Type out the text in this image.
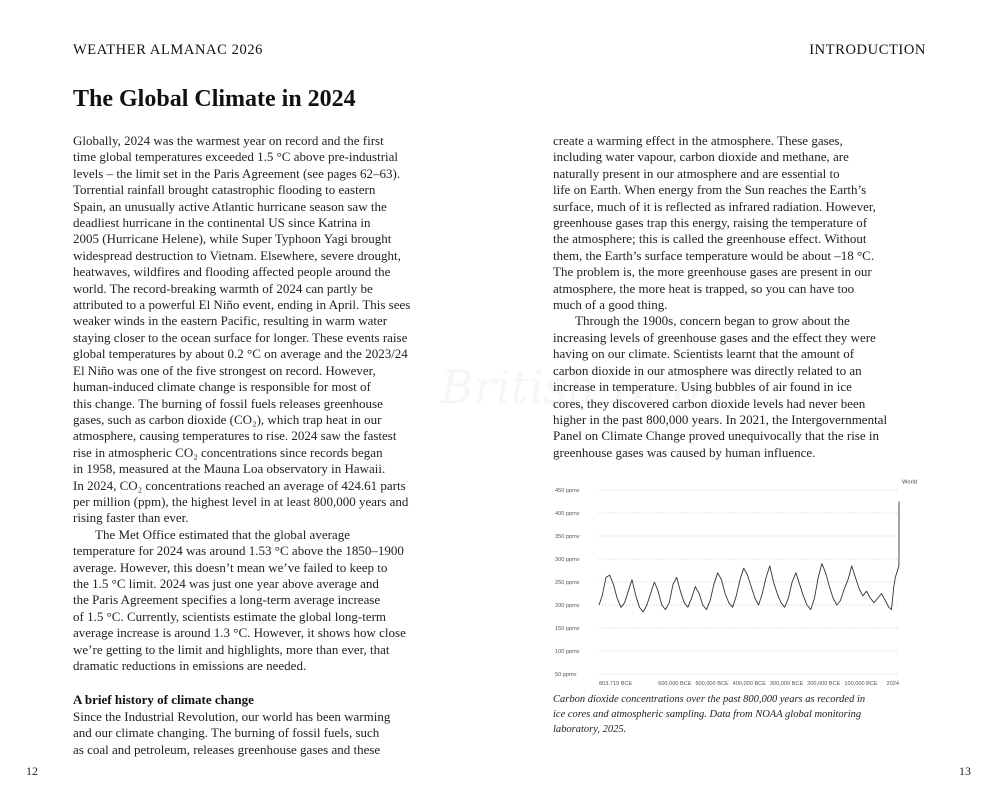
WEATHER ALMANAC 2026	INTRODUCTION
The Global Climate in 2024

Globally, 2024 was the warmest year on record and the first
time global temperatures exceeded 1.5 °C above pre-industrial
levels – the limit set in the Paris Agreement (see pages 62–63).
Torrential rainfall brought catastrophic flooding to eastern
Spain, an unusually active Atlantic hurricane season saw the
deadliest hurricane in the continental US since Katrina in
2005 (Hurricane Helene), while Super Typhoon Yagi brought
widespread destruction to Vietnam. Elsewhere, severe drought,
heatwaves, wildfires and flooding affected people around the
world. The record-breaking warmth of 2024 can partly be
attributed to a powerful El Niño event, ending in April. This sees
weaker winds in the eastern Pacific, resulting in warm water
staying closer to the ocean surface for longer. These events raise
global temperatures by about 0.2 °C on average and the 2023/24
El Niño was one of the five strongest on record. However,
human-induced climate change is responsible for most of
this change. The burning of fossil fuels releases greenhouse
gases, such as carbon dioxide (CO₂), which trap heat in our
atmosphere, causing temperatures to rise. 2024 saw the fastest
rise in atmospheric CO₂ concentrations since records began
in 1958, measured at the Mauna Loa observatory in Hawaii.
In 2024, CO₂ concentrations reached an average of 424.61 parts
per million (ppm), the highest level in at least 800,000 years and
rising faster than ever.

The Met Office estimated that the global average
temperature for 2024 was around 1.53 °C above the 1850–1900
average. However, this doesn’t mean we’ve failed to keep to
the 1.5 °C limit. 2024 was just one year above average and
the Paris Agreement specifies a long-term average increase
of 1.5 °C. Currently, scientists estimate the global long-term
average increase is around 1.3 °C. However, it shows how close
we’re getting to the limit and highlights, more than ever, that
dramatic reductions in emissions are needed.

A brief history of climate change

Since the Industrial Revolution, our world has been warming
and our climate changing. The burning of fossil fuels, such
as coal and petroleum, releases greenhouse gases and these

create a warming effect in the atmosphere. These gases,
including water vapour, carbon dioxide and methane, are
naturally present in our atmosphere and are essential to
life on Earth. When energy from the Sun reaches the Earth’s
surface, much of it is reflected as infrared radiation. However,
greenhouse gases trap this energy, raising the temperature of
the atmosphere; this is called the greenhouse effect. Without
them, the Earth’s surface temperature would be about –18 °C.
The problem is, the more greenhouse gases are present in our
atmosphere, the more heat is trapped, so you can have too
much of a good thing.

Through the 1900s, concern began to grow about the
increasing levels of greenhouse gases and the effect they were
having on our climate. Scientists learnt that the amount of
carbon dioxide in our atmosphere was directly related to an
increase in temperature. Using bubbles of air found in ice
cores, they discovered carbon dioxide levels had never been
higher in the past 800,000 years. In 2021, the Intergovernmental
Panel on Climate Change proved unequivocally that the rise in
greenhouse gases was caused by human influence.

450 ppmv
400 ppmv
350 ppmv
300 ppmv
250 ppmv
200 ppmv
150 ppmv
100 ppmv
50 ppmv
803,719 BCE	600,000 BCE 500,000 BCE 400,000 BCE 300,000 BCE 200,000 BCE 100,000 BCE 2024
World
Carbon dioxide concentrations over the past 800,000 years as recorded in
ice cores and atmospheric sampling. Data from NOAA global monitoring
laboratory, 2025.
12	13
